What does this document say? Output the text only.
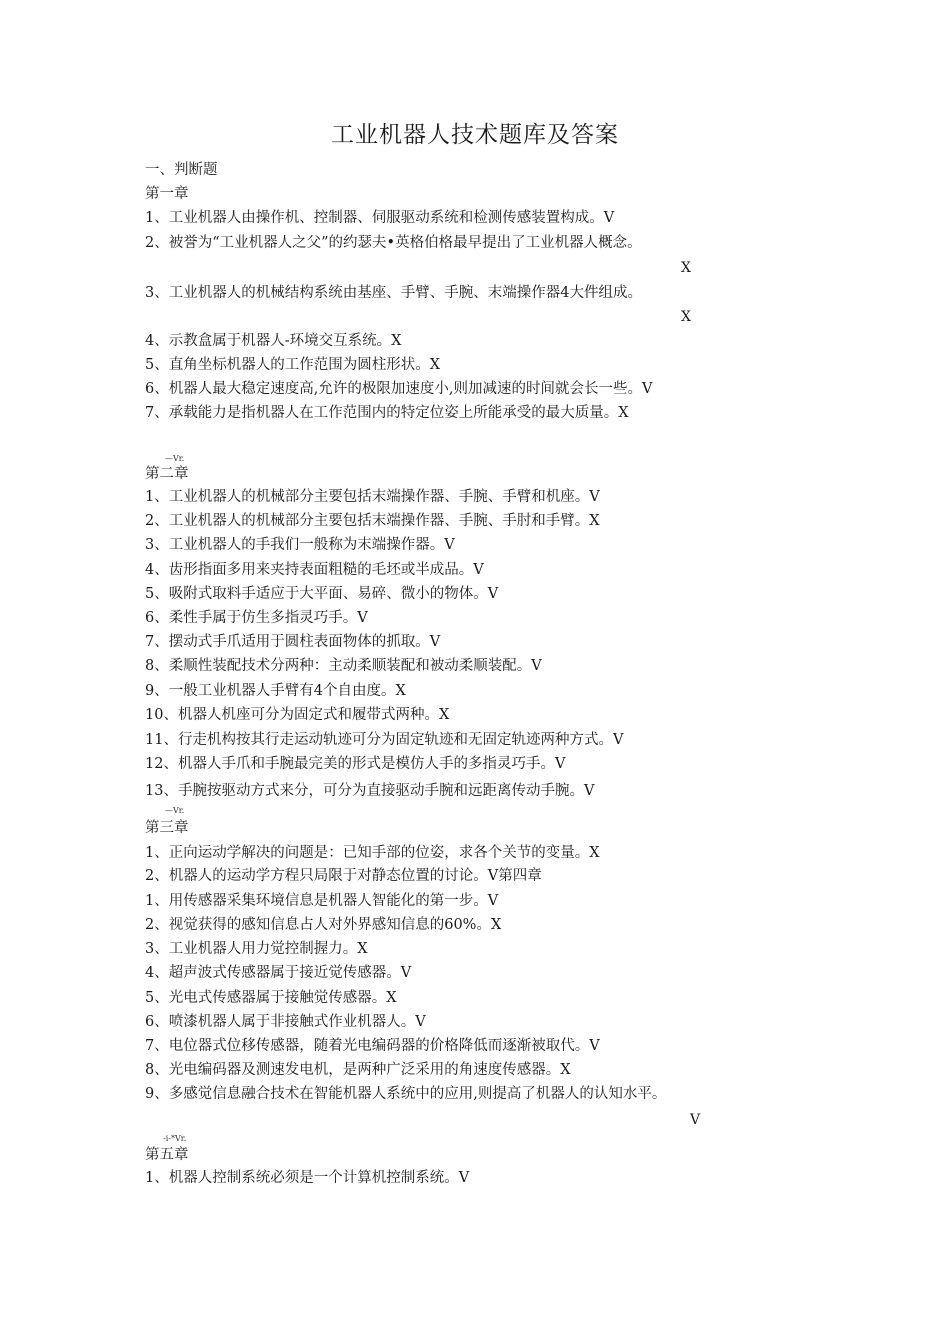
工业机器人技术题库及答案
一、判断题
第一章
1、工业机器人由操作机、控制器、伺服驱动系统和检测传感装置构成。V
2、被誉为“工业机器人之父”的约瑟夫•英格伯格最早提出了工业机器人概念。
X
3、工业机器人的机械结构系统由基座、手臂、手腕、末端操作器4大件组成。
X
4、示教盒属于机器人-环境交互系统。X
5、直角坐标机器人的工作范围为圆柱形状。X
6、机器人最大稳定速度高,允许的极限加速度小,则加减速的时间就会长一些。V
7、承载能力是指机器人在工作范围内的特定位姿上所能承受的最大质量。X
—Vr.
第二章
1、工业机器人的机械部分主要包括末端操作器、手腕、手臂和机座。V
2、工业机器人的机械部分主要包括末端操作器、手腕、手肘和手臂。X
3、工业机器人的手我们一般称为末端操作器。V
4、齿形指面多用来夹持表面粗糙的毛坯或半成品。V
5、吸附式取料手适应于大平面、易碎、微小的物体。V
6、柔性手属于仿生多指灵巧手。V
7、摆动式手爪适用于圆柱表面物体的抓取。V
8、柔顺性装配技术分两种：主动柔顺装配和被动柔顺装配。V
9、一般工业机器人手臂有4个自由度。X
10、机器人机座可分为固定式和履带式两种。X
11、行走机构按其行走运动轨迹可分为固定轨迹和无固定轨迹两种方式。V
12、机器人手爪和手腕最完美的形式是模仿人手的多指灵巧手。V
13、手腕按驱动方式来分，可分为直接驱动手腕和远距离传动手腕。V
—Vr.
第三章
1、正向运动学解决的问题是：已知手部的位姿，求各个关节的变量。X
2、机器人的运动学方程只局限于对静态位置的讨论。V第四章
1、用传感器采集环境信息是机器人智能化的第一步。V
2、视觉获得的感知信息占人对外界感知信息的60%。X
3、工业机器人用力觉控制握力。X
4、超声波式传感器属于接近觉传感器。V
5、光电式传感器属于接触觉传感器。X
6、喷漆机器人属于非接触式作业机器人。V
7、电位器式位移传感器，随着光电编码器的价格降低而逐渐被取代。V
8、光电编码器及测速发电机，是两种广泛采用的角速度传感器。X
9、多感觉信息融合技术在智能机器人系统中的应用,则提高了机器人的认知水平。
V
-i-*Vr.
第五章
1、机器人控制系统必须是一个计算机控制系统。V
